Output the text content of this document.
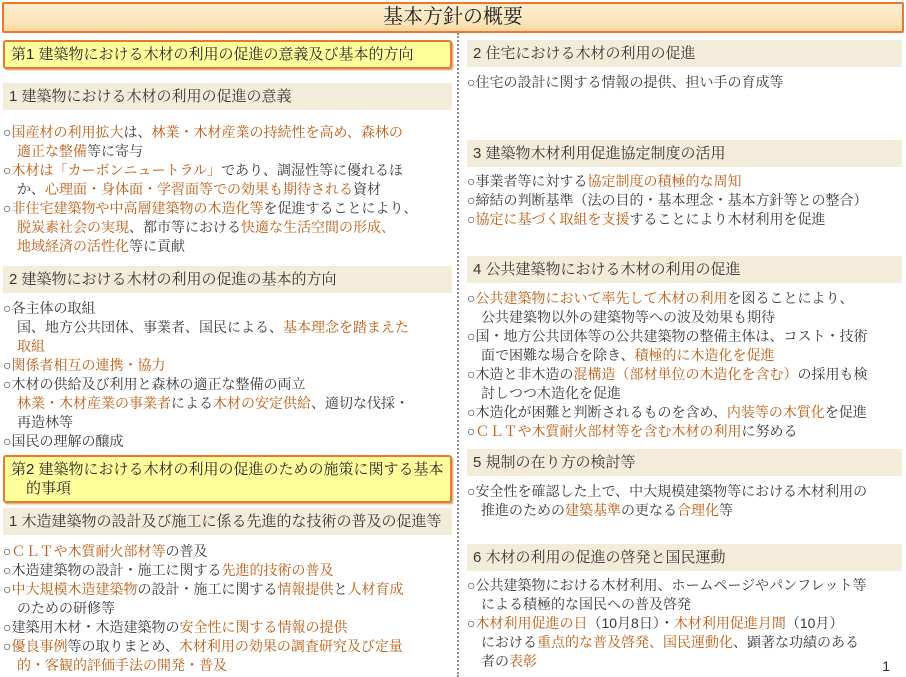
基本方針の概要
第1 建築物における木材の利用の促進の意義及び基本的方向
1 建築物における木材の利用の促進の意義
○国産材の利用拡大は、林業・木材産業の持続性を高め、森林の
適正な整備等に寄与
○木材は「カーボンニュートラル」であり、調湿性等に優れるほ
か、心理面・身体面・学習面等での効果も期待される資材
○非住宅建築物や中高層建築物の木造化等を促進することにより、
脱炭素社会の実現、都市等における快適な生活空間の形成、
地域経済の活性化等に貢献
2 建築物における木材の利用の促進の基本的方向
○各主体の取組
国、地方公共団体、事業者、国民による、基本理念を踏まえた
取組
○関係者相互の連携・協力
○木材の供給及び利用と森林の適正な整備の両立
林業・木材産業の事業者による木材の安定供給、適切な伐採・
再造林等
○国民の理解の醸成
第2 建築物における木材の利用の促進のための施策に関する基本
的事項
1 木造建築物の設計及び施工に係る先進的な技術の普及の促進等
○ＣＬＴや木質耐火部材等の普及
○木造建築物の設計・施工に関する先進的技術の普及
○中大規模木造建築物の設計・施工に関する情報提供と人材育成
のための研修等
○建築用木材・木造建築物の安全性に関する情報の提供
○優良事例等の取りまとめ、木材利用の効果の調査研究及び定量
的・客観的評価手法の開発・普及
2 住宅における木材の利用の促進
○住宅の設計に関する情報の提供、担い手の育成等
3 建築物木材利用促進協定制度の活用
○事業者等に対する協定制度の積極的な周知
○締結の判断基準（法の目的・基本理念・基本方針等との整合）
○協定に基づく取組を支援することにより木材利用を促進
4 公共建築物における木材の利用の促進
○公共建築物において率先して木材の利用を図ることにより、
公共建築物以外の建築物等への波及効果も期待
○国・地方公共団体等の公共建築物の整備主体は、コスト・技術
面で困難な場合を除き、積極的に木造化を促進
○木造と非木造の混構造（部材単位の木造化を含む）の採用も検
討しつつ木造化を促進
○木造化が困難と判断されるものを含め、内装等の木質化を促進
○ＣＬＴや木質耐火部材等を含む木材の利用に努める
5 規制の在り方の検討等
○安全性を確認した上で、中大規模建築物等における木材利用の
推進のための建築基準の更なる合理化等
6 木材の利用の促進の啓発と国民運動
○公共建築物における木材利用、ホームページやパンフレット等
による積極的な国民への普及啓発
○木材利用促進の日（10月8日）・木材利用促進月間（10月）
における重点的な普及啓発、国民運動化、顕著な功績のある
者の表彰	1
